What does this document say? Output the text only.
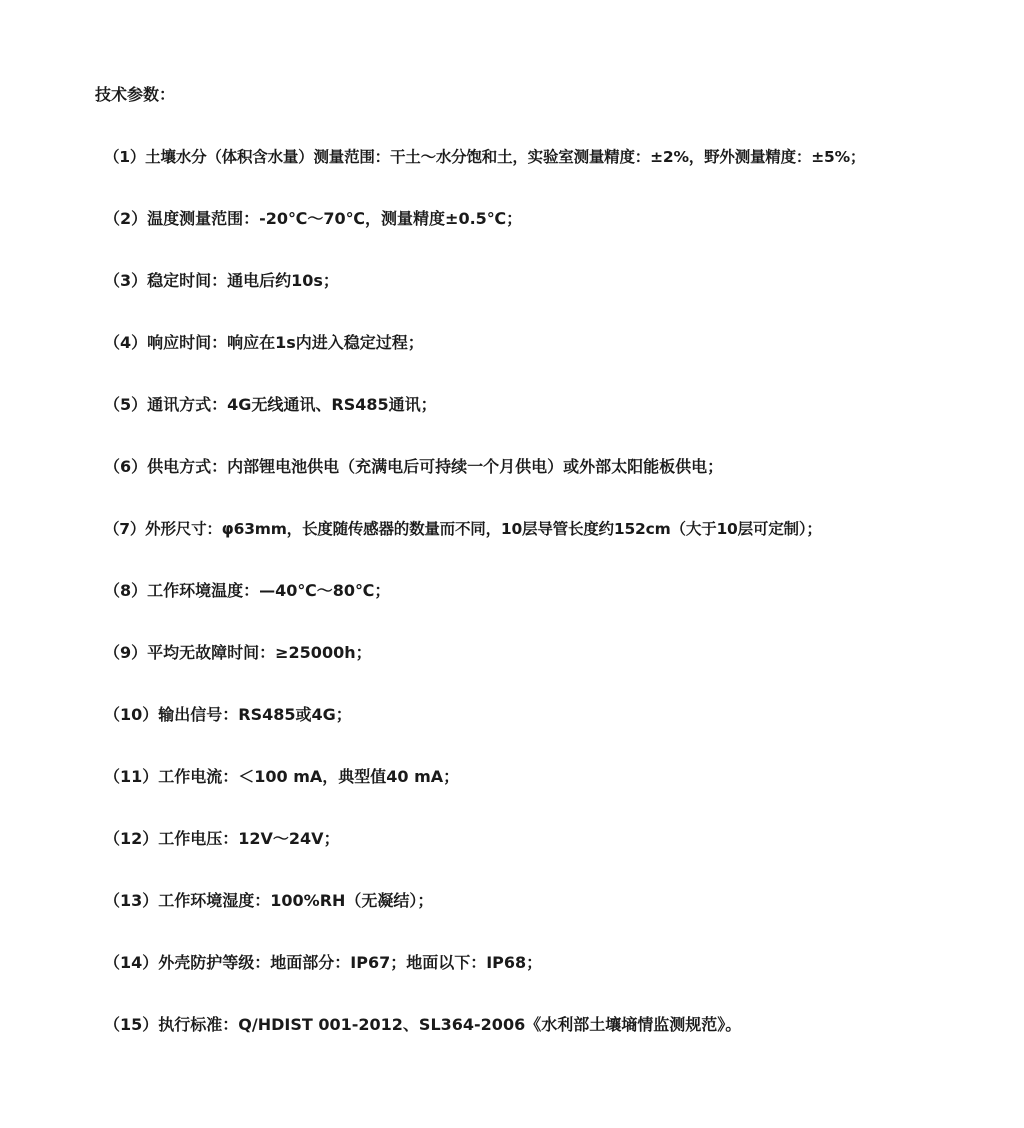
技术参数：
（1）土壤水分（体积含水量）测量范围：干土～水分饱和土，实验室测量精度：±2%，野外测量精度：±5%；
（2）温度测量范围：-20℃～70℃，测量精度±0.5℃；
（3）稳定时间：通电后约10s；
（4）响应时间：响应在1s内进入稳定过程；
（5）通讯方式：4G无线通讯、RS485通讯；
（6）供电方式：内部锂电池供电（充满电后可持续一个月供电）或外部太阳能板供电；
（7）外形尺寸：φ63mm，长度随传感器的数量而不同，10层导管长度约152cm（大于10层可定制）；
（8）工作环境温度：—40℃～80℃；
（9）平均无故障时间：≥25000h；
（10）输出信号：RS485或4G；
（11）工作电流：＜100 mA，典型值40 mA；
（12）工作电压：12V～24V；
（13）工作环境湿度：100%RH（无凝结）；
（14）外壳防护等级：地面部分：IP67；地面以下：IP68；
（15）执行标准：Q/HDIST 001-2012、SL364-2006《水利部土壤墒情监测规范》。
